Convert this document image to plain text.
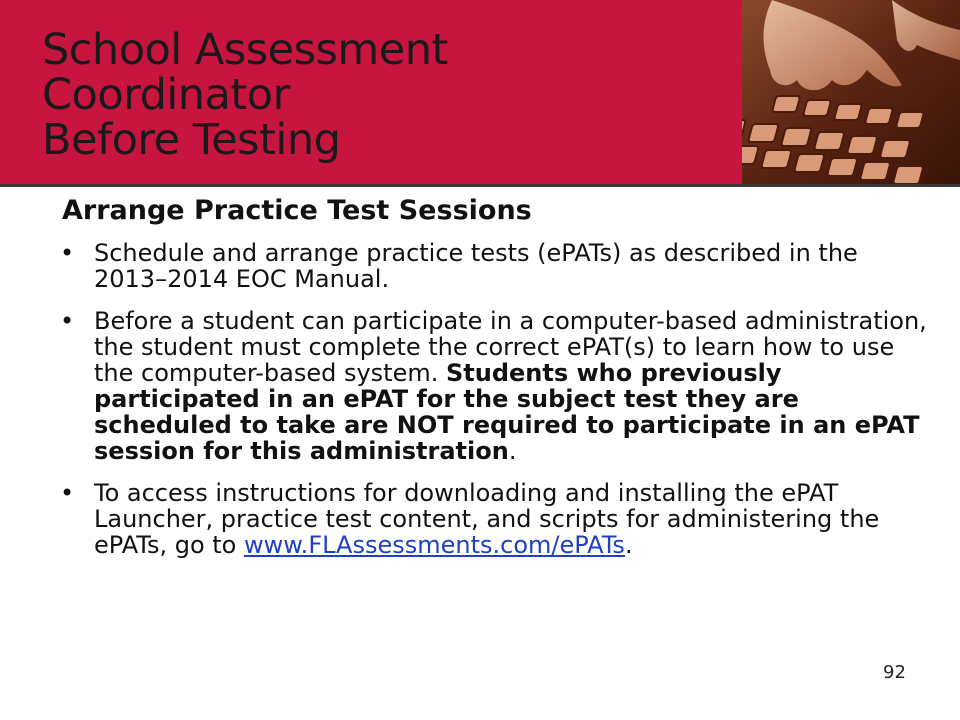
School Assessment
Coordinator
Before Testing
Arrange Practice Test Sessions
• Schedule and arrange practice tests (ePATs) as described in the 2013–2014 EOC Manual.
• Before a student can participate in a computer-based administration, the student must complete the correct ePAT(s) to learn how to use the computer-based system. Students who previously participated in an ePAT for the subject test they are scheduled to take are NOT required to participate in an ePAT session for this administration.
• To access instructions for downloading and installing the ePAT Launcher, practice test content, and scripts for administering the ePATs, go to www.FLAssessments.com/ePATs.
92
